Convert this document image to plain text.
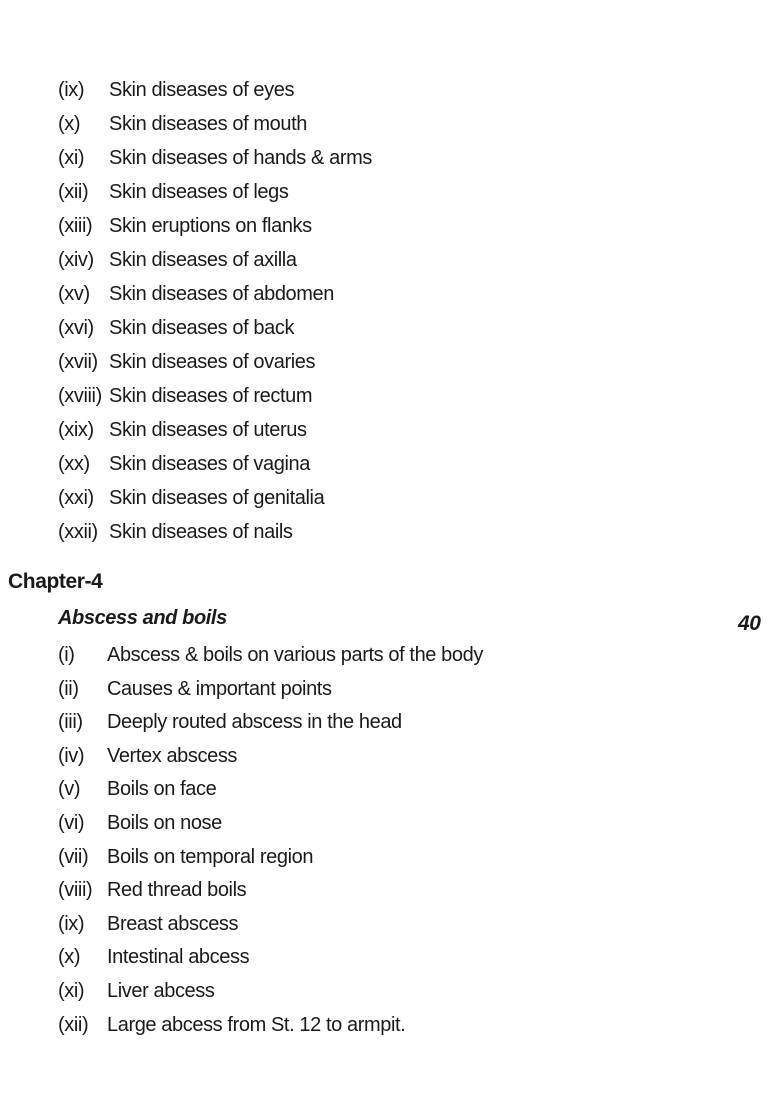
(ix) Skin diseases of eyes
(x) Skin diseases of mouth
(xi) Skin diseases of hands & arms
(xii) Skin diseases of legs
(xiii) Skin eruptions on flanks
(xiv) Skin diseases of axilla
(xv) Skin diseases of abdomen
(xvi) Skin diseases of back
(xvii) Skin diseases of ovaries
(xviii) Skin diseases of rectum
(xix) Skin diseases of uterus
(xx) Skin diseases of vagina
(xxi) Skin diseases of genitalia
(xxii) Skin diseases of nails
Chapter-4
Abscess and boils	40
(i) Abscess & boils on various parts of the body
(ii) Causes & important points
(iii) Deeply routed abscess in the head
(iv) Vertex abscess
(v) Boils on face
(vi) Boils on nose
(vii) Boils on temporal region
(viii) Red thread boils
(ix) Breast abscess
(x) Intestinal abcess
(xi) Liver abcess
(xii) Large abcess from St. 12 to armpit.
